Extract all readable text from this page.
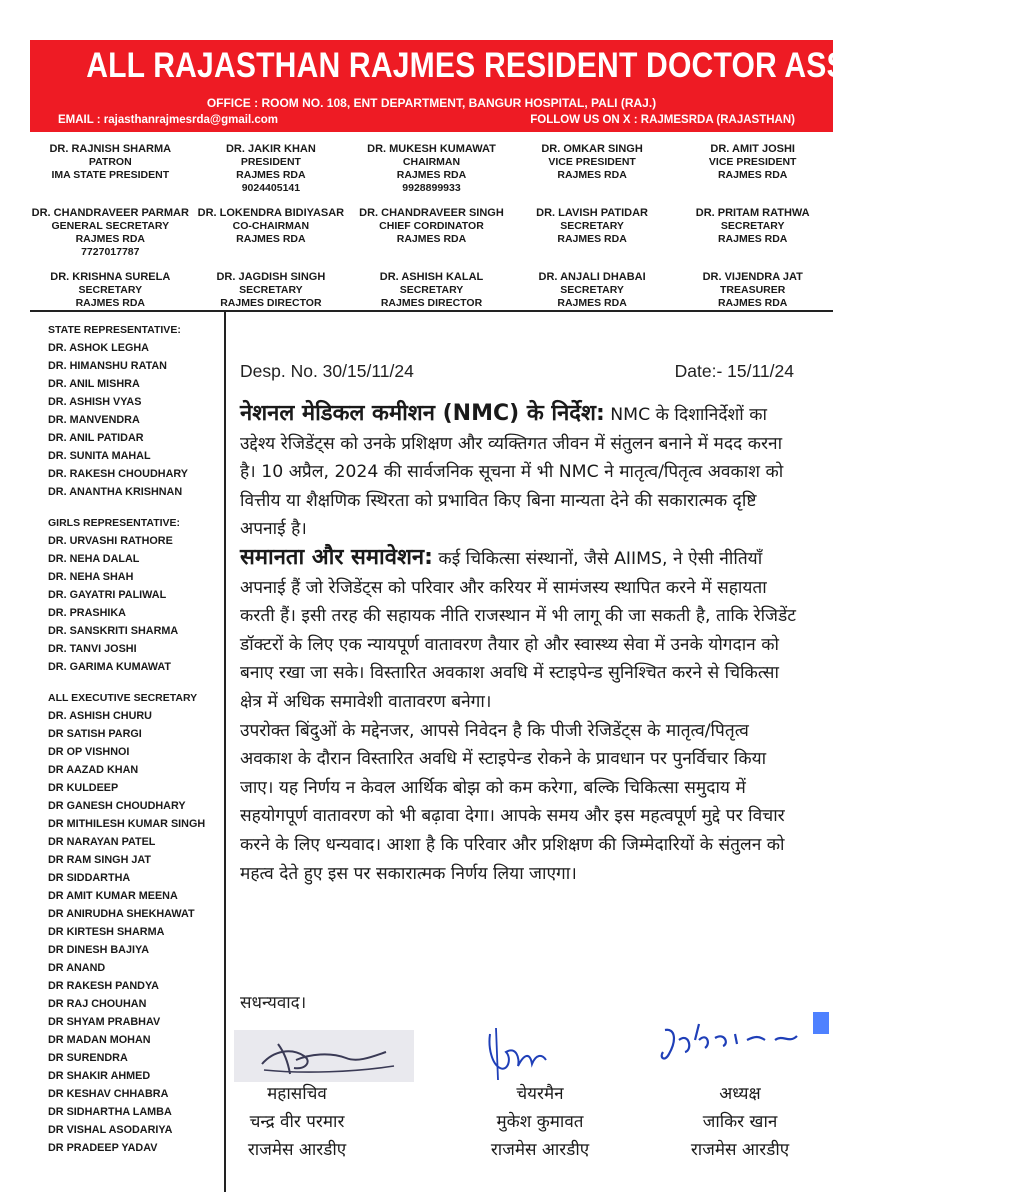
ALL RAJASTHAN RAJMES RESIDENT DOCTOR ASSOCIATIONS
OFFICE : ROOM NO. 108, ENT DEPARTMENT, BANGUR HOSPITAL, PALI (RAJ.)
EMAIL : rajasthanrajmesrda@gmail.com	FOLLOW US ON X : RAJMESRDA (RAJASTHAN)
DR. RAJNISH SHARMA
PATRON
IMA STATE PRESIDENT
DR. JAKIR KHAN
PRESIDENT
RAJMES RDA
9024405141
DR. MUKESH KUMAWAT
CHAIRMAN
RAJMES RDA
9928899933
DR. OMKAR SINGH
VICE PRESIDENT
RAJMES RDA
DR. AMIT JOSHI
VICE PRESIDENT
RAJMES RDA
DR. CHANDRAVEER PARMAR
GENERAL SECRETARY
RAJMES RDA
7727017787
DR. LOKENDRA BIDIYASAR
CO-CHAIRMAN
RAJMES RDA
DR. CHANDRAVEER SINGH
CHIEF CORDINATOR
RAJMES RDA
DR. LAVISH PATIDAR
SECRETARY
RAJMES RDA
DR. PRITAM RATHWA
SECRETARY
RAJMES RDA
DR. KRISHNA SURELA
SECRETARY
RAJMES RDA
DR. JAGDISH SINGH
SECRETARY
RAJMES DIRECTOR
DR. ASHISH KALAL
SECRETARY
RAJMES DIRECTOR
DR. ANJALI DHABAI
SECRETARY
RAJMES RDA
DR. VIJENDRA JAT
TREASURER
RAJMES RDA
STATE REPRESENTATIVE:
DR. ASHOK LEGHA
DR. HIMANSHU RATAN
DR. ANIL MISHRA
DR. ASHISH VYAS
DR. MANVENDRA
DR. ANIL PATIDAR
DR. SUNITA MAHAL
DR. RAKESH CHOUDHARY
DR. ANANTHA KRISHNAN
GIRLS REPRESENTATIVE:
DR. URVASHI RATHORE
DR. NEHA DALAL
DR. NEHA SHAH
DR. GAYATRI PALIWAL
DR. PRASHIKA
DR. SANSKRITI SHARMA
DR. TANVI JOSHI
DR. GARIMA KUMAWAT
ALL EXECUTIVE SECRETARY
DR. ASHISH CHURU
DR SATISH PARGI
DR OP VISHNOI
DR AAZAD KHAN
DR KULDEEP
DR GANESH CHOUDHARY
DR MITHILESH KUMAR SINGH
DR NARAYAN PATEL
DR RAM SINGH JAT
DR SIDDARTHA
DR AMIT KUMAR MEENA
DR ANIRUDHA SHEKHAWAT
DR KIRTESH SHARMA
DR DINESH BAJIYA
DR ANAND
DR RAKESH PANDYA
DR RAJ CHOUHAN
DR SHYAM PRABHAV
DR MADAN MOHAN
DR SURENDRA
DR SHAKIR AHMED
DR KESHAV CHHABRA
DR SIDHARTHA LAMBA
DR VISHAL ASODARIYA
DR PRADEEP YADAV
Desp. No. 30/15/11/24	Date:- 15/11/24

नेशनल मेडिकल कमीशन (NMC) के निर्देश: NMC के दिशानिर्देशों का उद्देश्य रेजिडेंट्स को उनके प्रशिक्षण और व्यक्तिगत जीवन में संतुलन बनाने में मदद करना है। 10 अप्रैल, 2024 की सार्वजनिक सूचना में भी NMC ने मातृत्व/पितृत्व अवकाश को वित्तीय या शैक्षणिक स्थिरता को प्रभावित किए बिना मान्यता देने की सकारात्मक दृष्टि अपनाई है।

समानता और समावेशन: कई चिकित्सा संस्थानों, जैसे AIIMS, ने ऐसी नीतियाँ अपनाई हैं जो रेजिडेंट्स को परिवार और करियर में सामंजस्य स्थापित करने में सहायता करती हैं। इसी तरह की सहायक नीति राजस्थान में भी लागू की जा सकती है, ताकि रेजिडेंट डॉक्टरों के लिए एक न्यायपूर्ण वातावरण तैयार हो और स्वास्थ्य सेवा में उनके योगदान को बनाए रखा जा सके। विस्तारित अवकाश अवधि में स्टाइपेन्ड सुनिश्चित करने से चिकित्सा क्षेत्र में अधिक समावेशी वातावरण बनेगा।

उपरोक्त बिंदुओं के मद्देनजर, आपसे निवेदन है कि पीजी रेजिडेंट्स के मातृत्व/पितृत्व अवकाश के दौरान विस्तारित अवधि में स्टाइपेन्ड रोकने के प्रावधान पर पुनर्विचार किया जाए। यह निर्णय न केवल आर्थिक बोझ को कम करेगा, बल्कि चिकित्सा समुदाय में सहयोगपूर्ण वातावरण को भी बढ़ावा देगा। आपके समय और इस महत्वपूर्ण मुद्दे पर विचार करने के लिए धन्यवाद। आशा है कि परिवार और प्रशिक्षण की जिम्मेदारियों के संतुलन को महत्व देते हुए इस पर सकारात्मक निर्णय लिया जाएगा।

सधन्यवाद।
महासचिव
चन्द्र वीर परमार
राजमेस आरडीए
चेयरमैन
मुकेश कुमावत
राजमेस आरडीए
अध्यक्ष
जाकिर खान
राजमेस आरडीए
